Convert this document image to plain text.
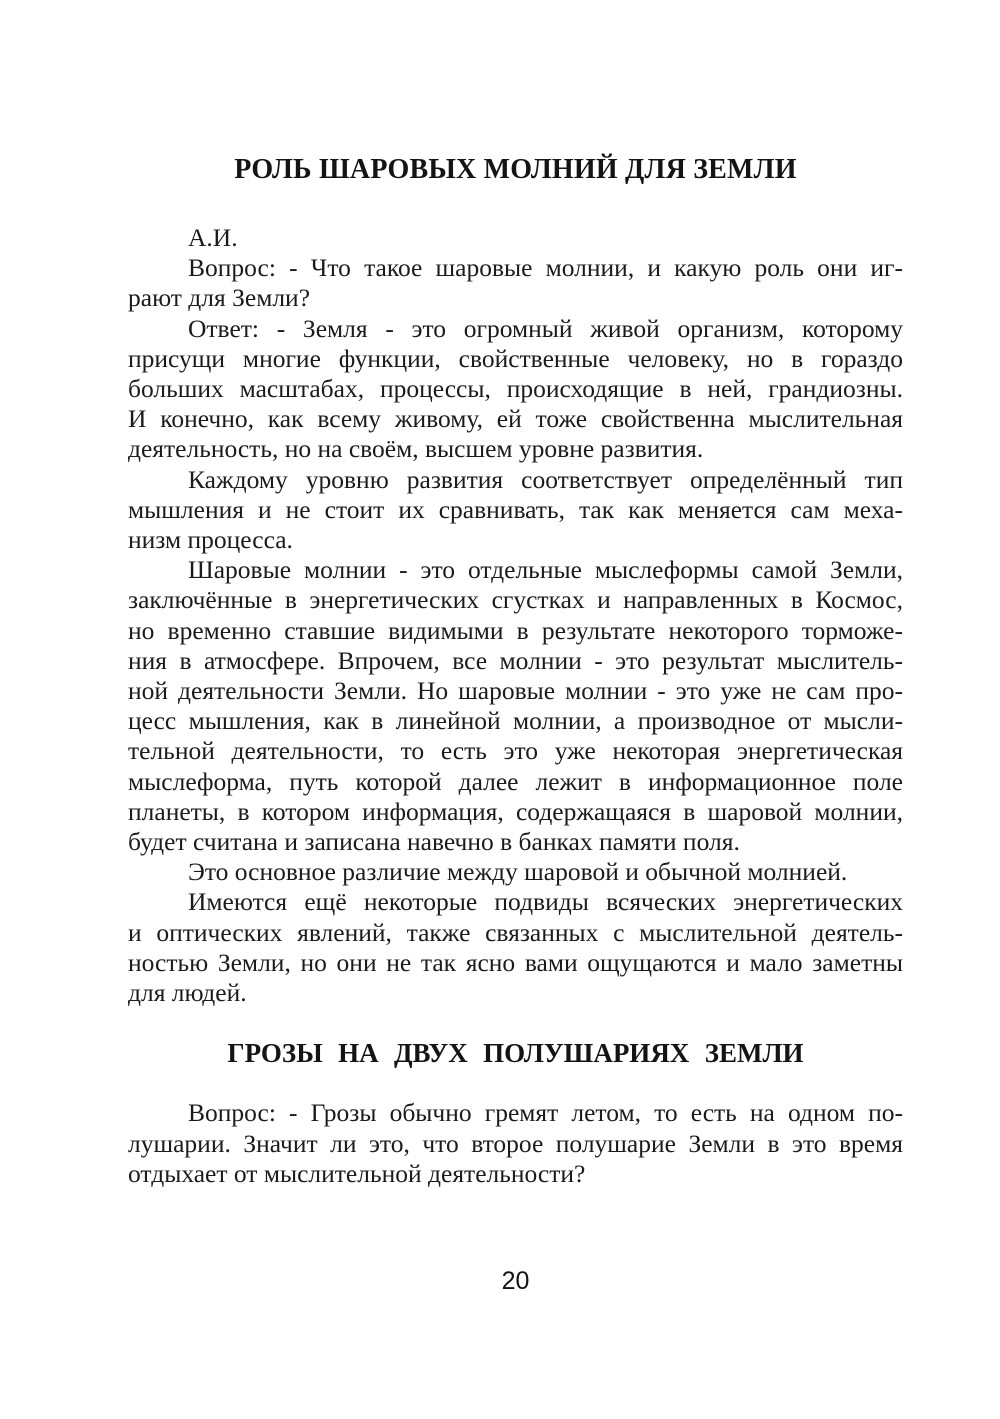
РОЛЬ ШАРОВЫХ МОЛНИЙ ДЛЯ ЗЕМЛИ
А.И.
Вопрос: - Что такое шаровые молнии, и какую роль они иг-
рают для Земли?
Ответ: - Земля - это огромный живой организм, которому
присущи многие функции, свойственные человеку, но в гораздо
больших масштабах, процессы, происходящие в ней, грандиозны.
И конечно, как всему живому, ей тоже свойственна мыслительная
деятельность, но на своём, высшем уровне развития.
Каждому уровню развития соответствует определённый тип
мышления и не стоит их сравнивать, так как меняется сам меха-
низм процесса.
Шаровые молнии - это отдельные мыслеформы самой Земли,
заключённые в энергетических сгустках и направленных в Космос,
но временно ставшие видимыми в результате некоторого торможе-
ния в атмосфере. Впрочем, все молнии - это результат мыслитель-
ной деятельности Земли. Но шаровые молнии - это уже не сам про-
цесс мышления, как в линейной молнии, а производное от мысли-
тельной деятельности, то есть это уже некоторая энергетическая
мыслеформа, путь которой далее лежит в информационное поле
планеты, в котором информация, содержащаяся в шаровой молнии,
будет считана и записана навечно в банках памяти поля.
Это основное различие между шаровой и обычной молнией.
Имеются ещё некоторые подвиды всяческих энергетических
и оптических явлений, также связанных с мыслительной деятель-
ностью Земли, но они не так ясно вами ощущаются и мало заметны
для людей.
ГРОЗЫ НА ДВУХ ПОЛУШАРИЯХ ЗЕМЛИ
Вопрос: - Грозы обычно гремят летом, то есть на одном по-
лушарии. Значит ли это, что второе полушарие Земли в это время
отдыхает от мыслительной деятельности?
20
